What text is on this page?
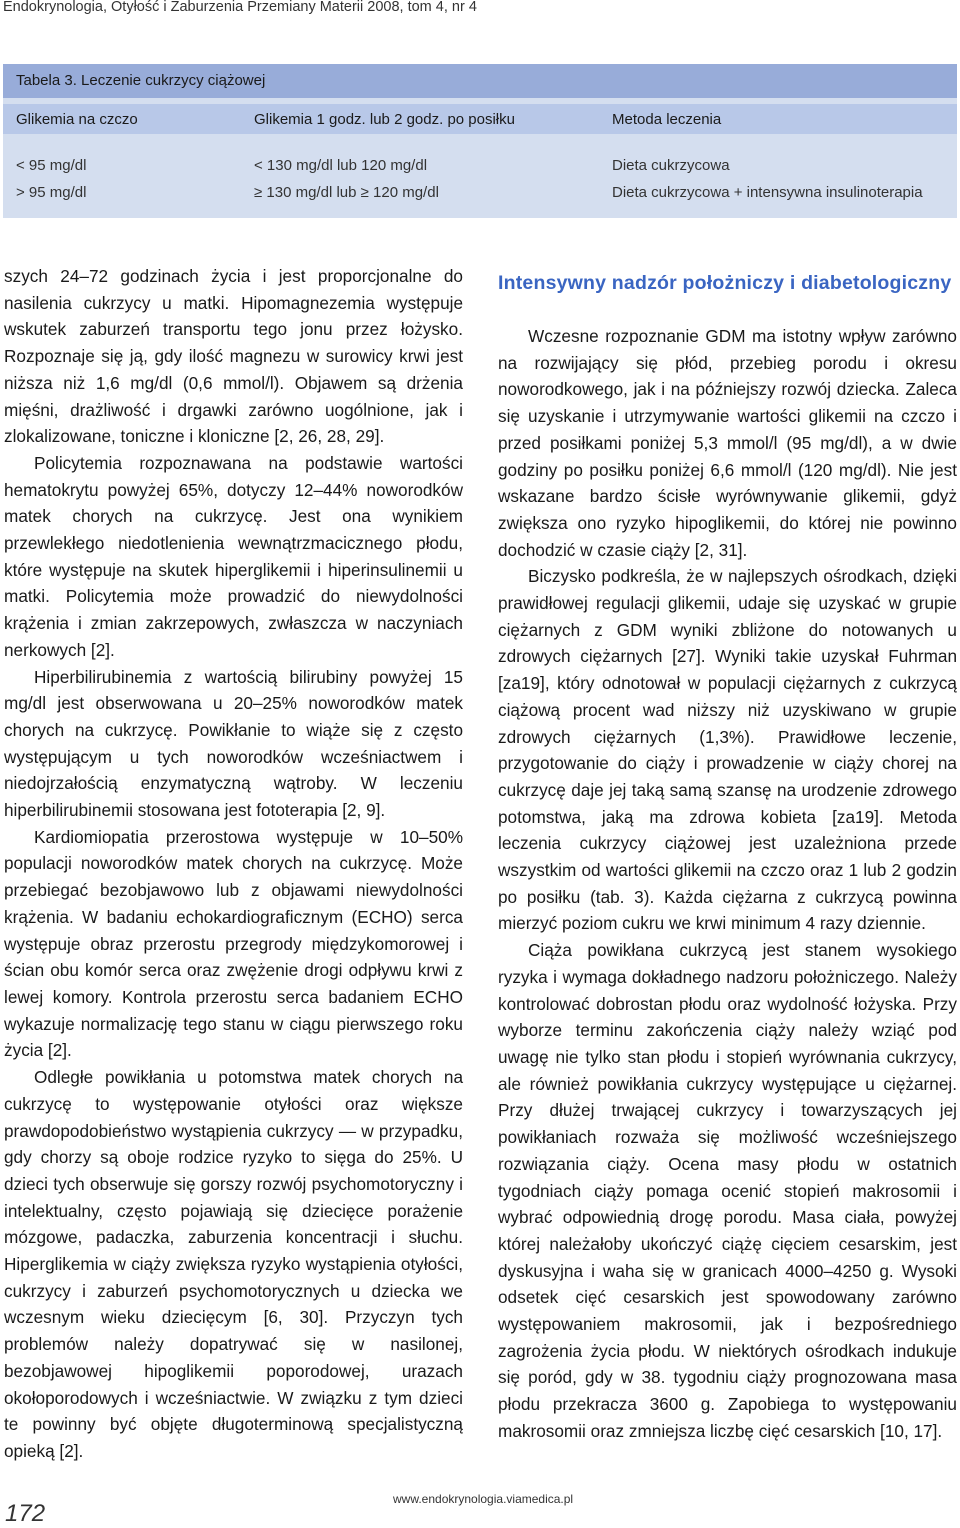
Endokrynologia, Otyłość i Zaburzenia Przemiany Materii 2008, tom 4, nr 4
Tabela 3. Leczenie cukrzycy ciążowej
Glikemia na czczo	Glikemia 1 godz. lub 2 godz. po posiłku	Metoda leczenia
< 95 mg/dl	< 130 mg/dl lub 120 mg/dl	Dieta cukrzycowa
> 95 mg/dl	≥ 130 mg/dl lub ≥ 120 mg/dl	Dieta cukrzycowa + intensywna insulinoterapia

szych 24–72 godzinach życia i jest proporcjonalne do nasilenia cukrzycy u matki. Hipomagnezemia występuje wskutek zaburzeń transportu tego jonu przez łożysko. Rozpoznaje się ją, gdy ilość magnezu w surowicy krwi jest niższa niż 1,6 mg/dl (0,6 mmol/l). Objawem są drżenia mięśni, drażliwość i drgawki zarówno uogólnione, jak i zlokalizowane, toniczne i kloniczne [2, 26, 28, 29].

Policytemia rozpoznawana na podstawie wartości hematokrytu powyżej 65%, dotyczy 12–44% noworodków matek chorych na cukrzycę. Jest ona wynikiem przewlekłego niedotlenienia wewnątrzmacicznego płodu, które występuje na skutek hiperglikemii i hiperinsulinemii u matki. Policytemia może prowadzić do niewydolności krążenia i zmian zakrzepowych, zwłaszcza w naczyniach nerkowych [2].

Hiperbilirubinemia z wartością bilirubiny powyżej 15 mg/dl jest obserwowana u 20–25% noworodków matek chorych na cukrzycę. Powikłanie to wiąże się z często występującym u tych noworodków wcześniactwem i niedojrzałością enzymatyczną wątroby. W leczeniu hiperbilirubinemii stosowana jest fototerapia [2, 9].

Kardiomiopatia przerostowa występuje w 10–50% populacji noworodków matek chorych na cukrzycę. Może przebiegać bezobjawowo lub z objawami niewydolności krążenia. W badaniu echokardiograficznym (ECHO) serca występuje obraz przerostu przegrody międzykomorowej i ścian obu komór serca oraz zwężenie drogi odpływu krwi z lewej komory. Kontrola przerostu serca badaniem ECHO wykazuje normalizację tego stanu w ciągu pierwszego roku życia [2].

Odległe powikłania u potomstwa matek chorych na cukrzycę to występowanie otyłości oraz większe prawdopodobieństwo wystąpienia cukrzycy — w przypadku, gdy chorzy są oboje rodzice ryzyko to sięga do 25%. U dzieci tych obserwuje się gorszy rozwój psychomotoryczny i intelektualny, często pojawiają się dziecięce porażenie mózgowe, padaczka, zaburzenia koncentracji i słuchu. Hiperglikemia w ciąży zwiększa ryzyko wystąpienia otyłości, cukrzycy i zaburzeń psychomotorycznych u dziecka we wczesnym wieku dziecięcym [6, 30]. Przyczyn tych problemów należy dopatrywać się w nasilonej, bezobjawowej hipoglikemii poporodowej, urazach okołoporodowych i wcześniactwie. W związku z tym dzieci te powinny być objęte długoterminową specjalistyczną opieką [2].

Intensywny nadzór położniczy i diabetologiczny

Wczesne rozpoznanie GDM ma istotny wpływ zarówno na rozwijający się płód, przebieg porodu i okresu noworodkowego, jak i na późniejszy rozwój dziecka. Zaleca się uzyskanie i utrzymywanie wartości glikemii na czczo i przed posiłkami poniżej 5,3 mmol/l (95 mg/dl), a w dwie godziny po posiłku poniżej 6,6 mmol/l (120 mg/dl). Nie jest wskazane bardzo ścisłe wyrównywanie glikemii, gdyż zwiększa ono ryzyko hipoglikemii, do której nie powinno dochodzić w czasie ciąży [2, 31].

Biczysko podkreśla, że w najlepszych ośrodkach, dzięki prawidłowej regulacji glikemii, udaje się uzyskać w grupie ciężarnych z GDM wyniki zbliżone do notowanych u zdrowych ciężarnych [27]. Wyniki takie uzyskał Fuhrman [za19], który odnotował w populacji ciężarnych z cukrzycą ciążową procent wad niższy niż uzyskiwano w grupie zdrowych ciężarnych (1,3%). Prawidłowe leczenie, przygotowanie do ciąży i prowadzenie w ciąży chorej na cukrzycę daje jej taką samą szansę na urodzenie zdrowego potomstwa, jaką ma zdrowa kobieta [za19]. Metoda leczenia cukrzycy ciążowej jest uzależniona przede wszystkim od wartości glikemii na czczo oraz 1 lub 2 godzin po posiłku (tab. 3). Każda ciężarna z cukrzycą powinna mierzyć poziom cukru we krwi minimum 4 razy dziennie.

Ciąża powikłana cukrzycą jest stanem wysokiego ryzyka i wymaga dokładnego nadzoru położniczego. Należy kontrolować dobrostan płodu oraz wydolność łożyska. Przy wyborze terminu zakończenia ciąży należy wziąć pod uwagę nie tylko stan płodu i stopień wyrównania cukrzycy, ale również powikłania cukrzycy występujące u ciężarnej. Przy dłużej trwającej cukrzycy i towarzyszących jej powikłaniach rozważa się możliwość wcześniejszego rozwiązania ciąży. Ocena masy płodu w ostatnich tygodniach ciąży pomaga ocenić stopień makrosomii i wybrać odpowiednią drogę porodu. Masa ciała, powyżej której należałoby ukończyć ciążę cięciem cesarskim, jest dyskusyjna i waha się w granicach 4000–4250 g. Wysoki odsetek cięć cesarskich jest spowodowany zarówno występowaniem makrosomii, jak i bezpośredniego zagrożenia życia płodu. W niektórych ośrodkach indukuje się poród, gdy w 38. tygodniu ciąży prognozowana masa płodu przekracza 3600 g. Zapobiega to występowaniu makrosomii oraz zmniejsza liczbę cięć cesarskich [10, 17].

172
www.endokrynologia.viamedica.pl
